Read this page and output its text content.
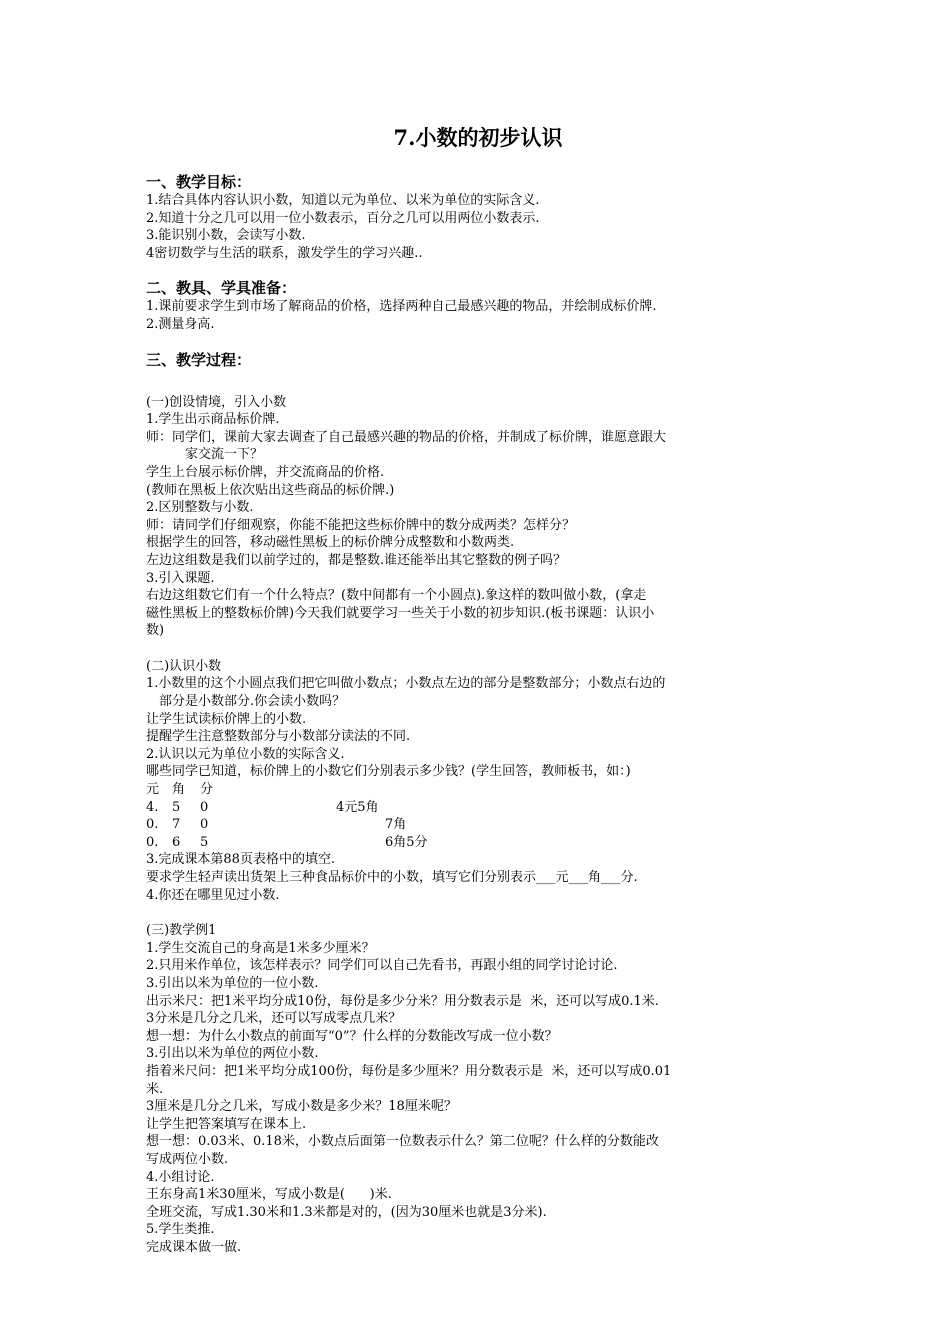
7.小数的初步认识
一、教学目标：
1.结合具体内容认识小数，知道以元为单位、以米为单位的实际含义.
2.知道十分之几可以用一位小数表示，百分之几可以用两位小数表示.
3.能识别小数，会读写小数.
4密切数学与生活的联系，激发学生的学习兴趣..
二、教具、学具准备：
1.课前要求学生到市场了解商品的价格，选择两种自己最感兴趣的物品，并绘制成标价牌.
2.测量身高.
三、教学过程：
(一)创设情境，引入小数
1.学生出示商品标价牌.
师：同学们，课前大家去调查了自己最感兴趣的物品的价格，并制成了标价牌，谁愿意跟大
家交流一下？
学生上台展示标价牌，并交流商品的价格.
(教师在黑板上依次贴出这些商品的标价牌.)
2.区别整数与小数.
师：请同学们仔细观察，你能不能把这些标价牌中的数分成两类？怎样分？
根据学生的回答，移动磁性黑板上的标价牌分成整数和小数两类.
左边这组数是我们以前学过的，都是整数.谁还能举出其它整数的例子吗？
3.引入课题.
右边这组数它们有一个什么特点？(数中间都有一个小圆点).象这样的数叫做小数，(拿走
磁性黑板上的整数标价牌)今天我们就要学习一些关于小数的初步知识.(板书课题：认识小
数)
(二)认识小数
1.小数里的这个小圆点我们把它叫做小数点；小数点左边的部分是整数部分；小数点右边的
部分是小数部分.你会读小数吗？
让学生试读标价牌上的小数.
提醒学生注意整数部分与小数部分读法的不同.
2.认识以元为单位小数的实际含义.
哪些同学已知道，标价牌上的小数它们分别表示多少钱？(学生回答，教师板书，如：)
元 角	分
4.	5	0	4元5角
0.	7	0	7角
0.	6	5	6角5分
3.完成课本第88页表格中的填空.
要求学生轻声读出货架上三种食品标价中的小数，填写它们分别表示___元___角___分.
4.你还在哪里见过小数.
(三)教学例1
1.学生交流自己的身高是1米多少厘米？
2.只用米作单位，该怎样表示？同学们可以自己先看书，再跟小组的同学讨论讨论.
3.引出以米为单位的一位小数.
出示米尺：把1米平均分成10份，每份是多少分米？用分数表示是  米，还可以写成0.1米.
3分米是几分之几米，还可以写成零点几米？
想一想：为什么小数点的前面写“0”？什么样的分数能改写成一位小数？
3.引出以米为单位的两位小数.
指着米尺问：把1米平均分成100份，每份是多少厘米？用分数表示是  米，还可以写成0.01
米.
3厘米是几分之几米，写成小数是多少米？18厘米呢？
让学生把答案填写在课本上.
想一想：0.03米、0.18米，小数点后面第一位数表示什么？第二位呢？什么样的分数能改
写成两位小数.
4.小组讨论.
王东身高1米30厘米，写成小数是(      )米.
全班交流，写成1.30米和1.3米都是对的，(因为30厘米也就是3分米).
5.学生类推.
完成课本做一做.
